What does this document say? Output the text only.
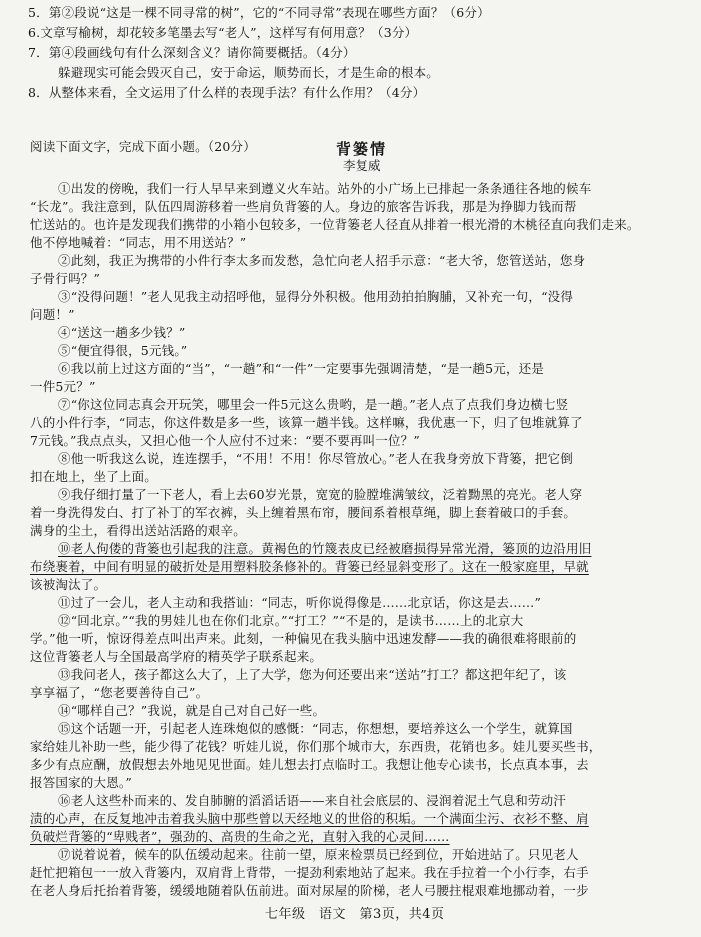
5．第②段说“这是一棵不同寻常的树”，它的“不同寻常”表现在哪些方面？（6分）
6.文章写榆树，却花较多笔墨去写“老人”，这样写有何用意？（3分）
7．第④段画线句有什么深刻含义？请你简要概括。（4分）
躲避现实可能会毁灭自己，安于命运，顺势而长，才是生命的根本。
8．从整体来看，全文运用了什么样的表现手法？有什么作用？（4分）
阅读下面文字，完成下面小题。（20分）	背篓情
李复威
①出发的傍晚，我们一行人早早来到遵义火车站。站外的小广场上已排起一条条通往各地的候车
“长龙”。我注意到，队伍四周游移着一些肩负背篓的人。身边的旅客告诉我，那是为挣脚力钱而帮
忙送站的。也许是发现我们携带的小箱小包较多，一位背篓老人径直从排着一根光滑的木桃径直向我们走来。
他不停地喊着：“同志，用不用送站？”
②此刻，我正为携带的小件行李太多而发愁，急忙向老人招手示意：“老大爷，您管送站，您身
子骨行吗？”
③“没得问题！”老人见我主动招呼他，显得分外积极。他用劲拍拍胸脯，又补充一句，“没得
问题！”
④“送这一趟多少钱？”
⑤“便宜得很，5元钱。”
⑥我以前上过这方面的“当”，“一趟”和“一件”一定要事先强调清楚，“是一趟5元，还是
一件5元？”
⑦“你这位同志真会开玩笑，哪里会一件5元这么贵哟，是一趟。”老人点了点我们身边横七竖
八的小件行李，“同志，你这件数是多一些，该算一趟半钱。这样嘛，我优惠一下，归了包堆就算了
7元钱。”我点点头，又担心他一个人应付不过来：“要不要再叫一位？”
⑧他一听我这么说，连连摆手，“不用！不用！你尽管放心。”老人在我身旁放下背篓，把它倒
扣在地上，坐了上面。
⑨我仔细打量了一下老人，看上去60岁光景，宽宽的脸膛堆满皱纹，泛着黝黑的亮光。老人穿
着一身洗得发白、打了补丁的军衣裤，头上缠着黑布帘，腰间系着根草绳，脚上套着破口的手套。
满身的尘土，看得出送站活路的艰辛。
⑩老人佝偻的背篓也引起我的注意。黄褐色的竹篾表皮已经被磨损得异常光滑，篓顶的边沿用旧
布绕裹着，中间有明显的破折处是用塑料胶条修补的。背篓已经显斜变形了。这在一般家庭里，早就
该被淘汰了。
⑪过了一会儿，老人主动和我搭讪：“同志，听你说得像是……北京话，你这是去……”
⑫“回北京。”“我的男娃儿也在你们北京。”“打工？”“不是的，是读书……上的北京大
学。”他一听，惊讶得差点叫出声来。此刻，一种偏见在我头脑中迅速发酵——我的确很难将眼前的
这位背篓老人与全国最高学府的精英学子联系起来。
⑬我问老人，孩子都这么大了，上了大学，您为何还要出来“送站”打工？都这把年纪了，该
享享福了，“您老要善待自己”。
⑭“哪样自己？”我说，就是自己对自己好一些。
⑮这个话题一开，引起老人连珠炮似的感慨：“同志，你想想，要培养这么一个学生，就算国
家给娃儿补助一些，能少得了花钱？听娃儿说，你们那个城市大，东西贵，花销也多。娃儿要买些书，
多少有点应酬，放假想去外地见见世面。娃儿想去打点临时工。我想让他专心读书，长点真本事，去
报答国家的大恩。”
⑯老人这些朴而来的、发自肺腑的滔滔话语——来自社会底层的、浸润着泥土气息和劳动汗
渍的心声，在反复地冲击着我头脑中那些曾以天经地义的世俗的积垢。一个满面尘污、衣衫不整、肩
负破烂背篓的“卑贱者”，强劲的、高贵的生命之光，直射入我的心灵间……
⑰说着说着，候车的队伍缓动起来。往前一望，原来检票员已经到位，开始进站了。只见老人
赶忙把箱包一一放入背篓内，双肩背上背带，一提劲利索地站了起来。我在手拉着一个小行李，右手
在老人身后托抬着背篓，缓缓地随着队伍前进。面对尿屋的阶梯，老人弓腰拄棍艰难地挪动着，一步
七年级　语文　第3页，共4页
